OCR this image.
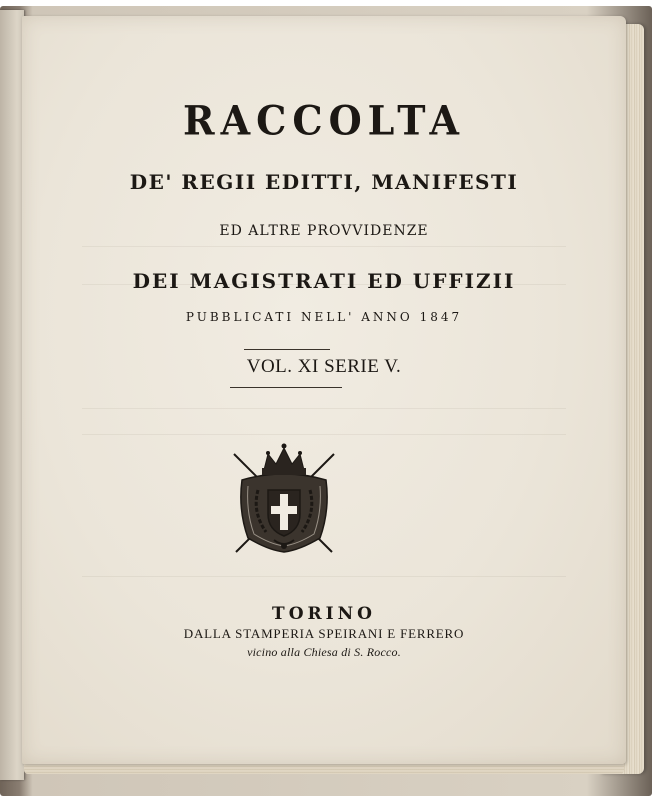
RACCOLTA
DE' REGII EDITTI, MANIFESTI
ED ALTRE PROVVIDENZE
DEI MAGISTRATI ED UFFIZII
PUBBLICATI NELL' ANNO 1847
VOL. XI SERIE V.
TORINO
DALLA STAMPERIA SPEIRANI E FERRERO
vicino alla Chiesa di S. Rocco.
